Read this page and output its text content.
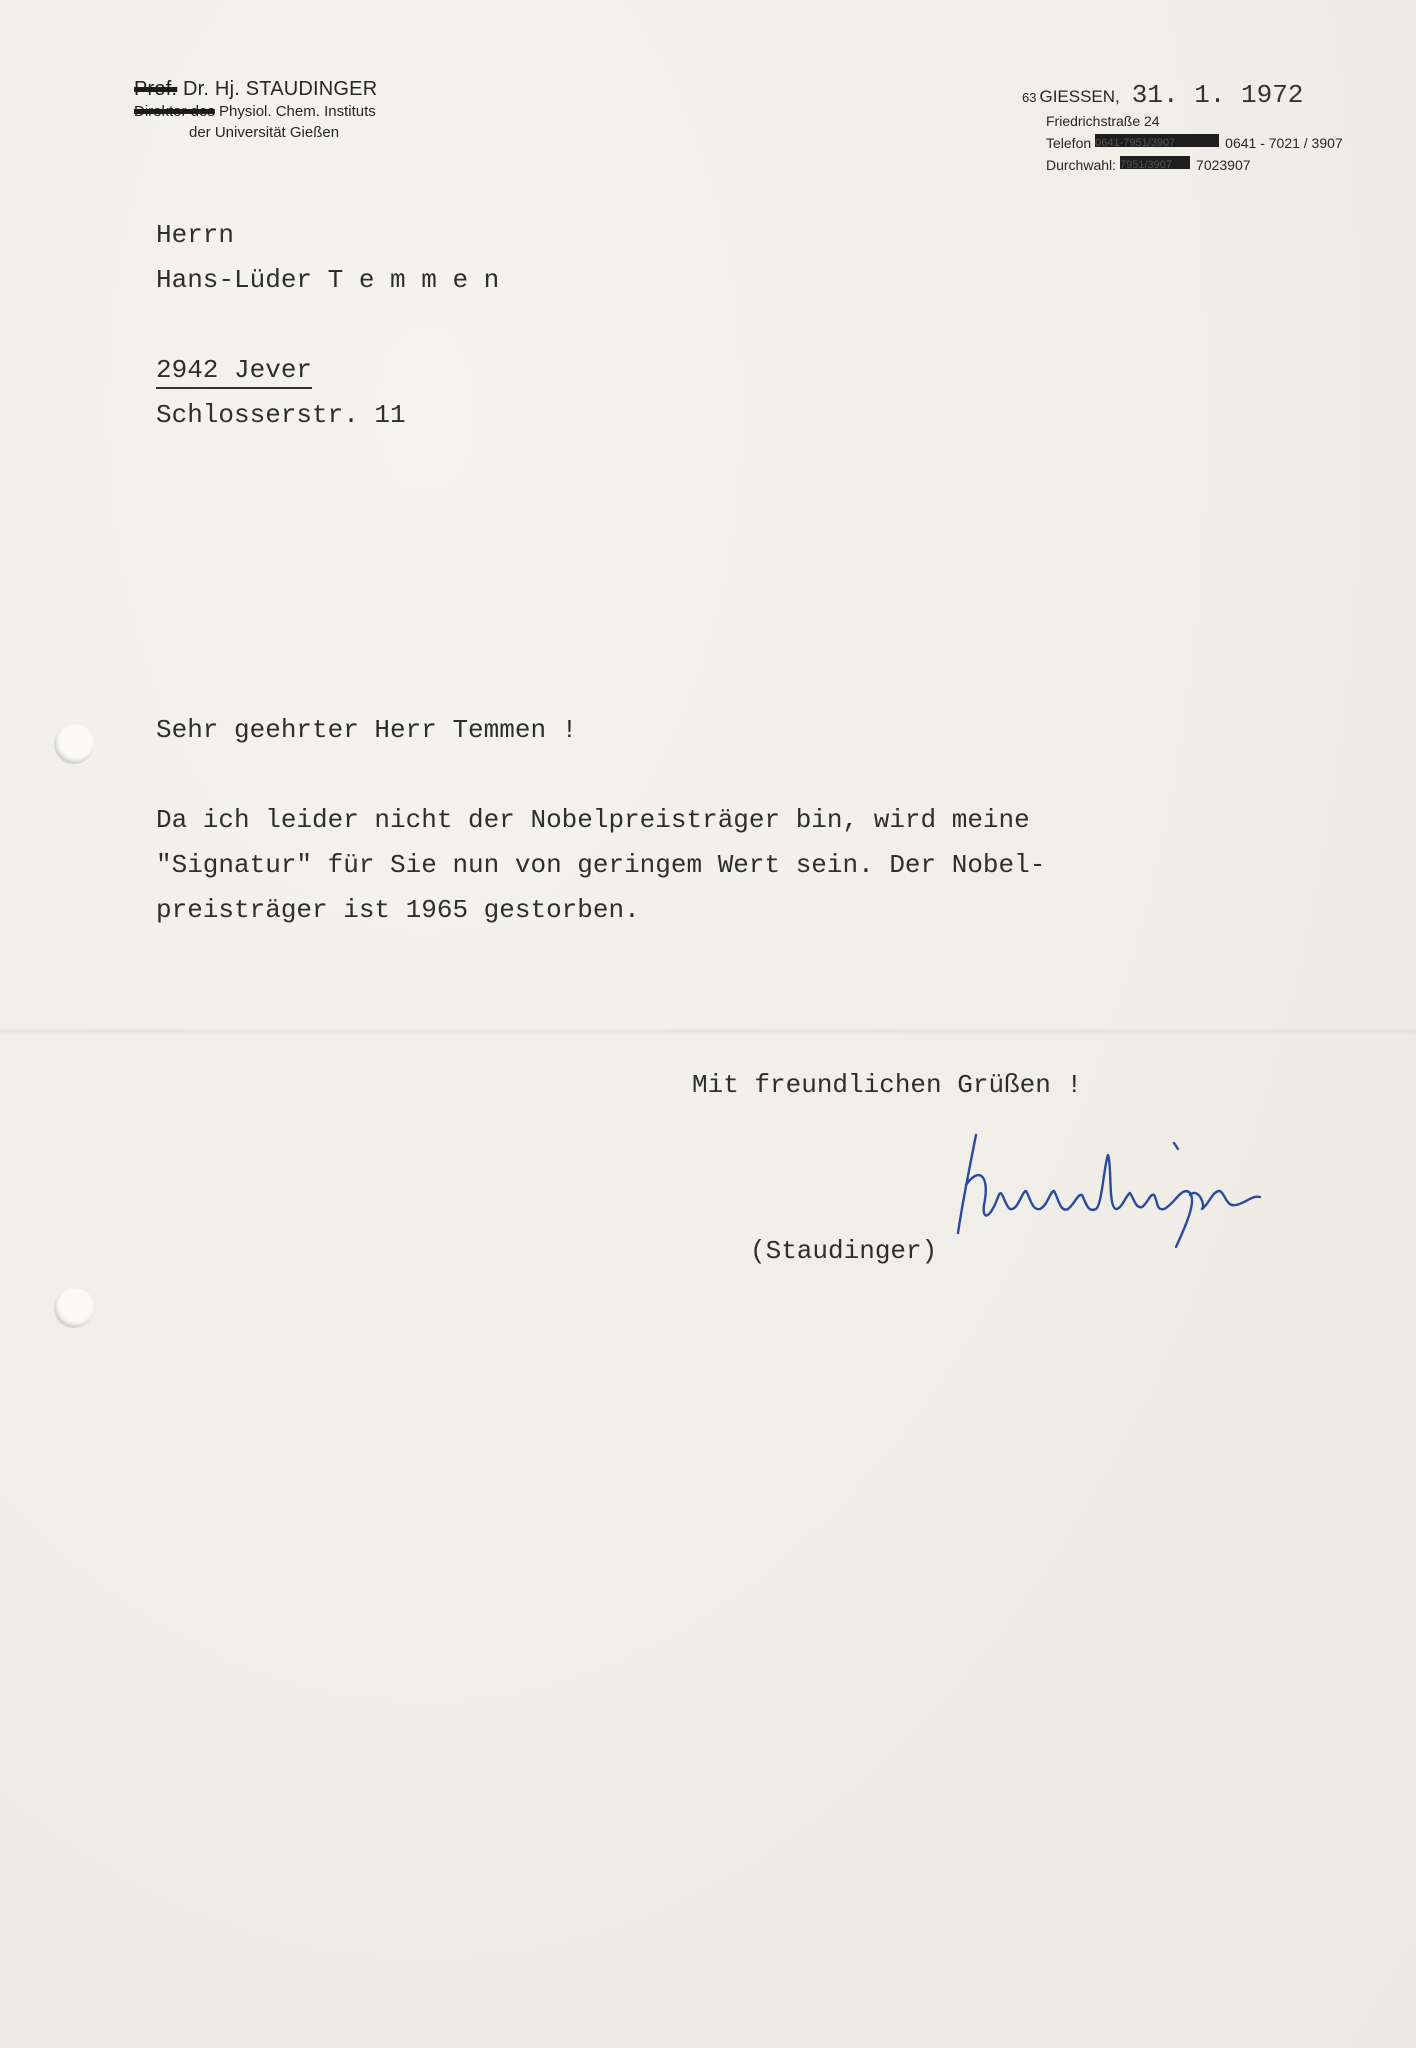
Prof. Dr. Hj. STAUDINGER
Direktor des Physiol. Chem. Instituts
der Universität Gießen
63 GIESSEN, 31. 1. 1972
Friedrichstraße 24
Telefon 0641-7951/3907	0641 - 7021 / 3907
Durchwahl: 7951/3907 7023907
Herrn
Hans-Lüder T e m m e n
2942 Jever
Schlosserstr. 11
Sehr geehrter Herr Temmen !
Da ich leider nicht der Nobelpreisträger bin, wird meine
"Signatur" für Sie nun von geringem Wert sein. Der Nobel-
preisträger ist 1965 gestorben.
Mit freundlichen Grüßen !
(Staudinger)
